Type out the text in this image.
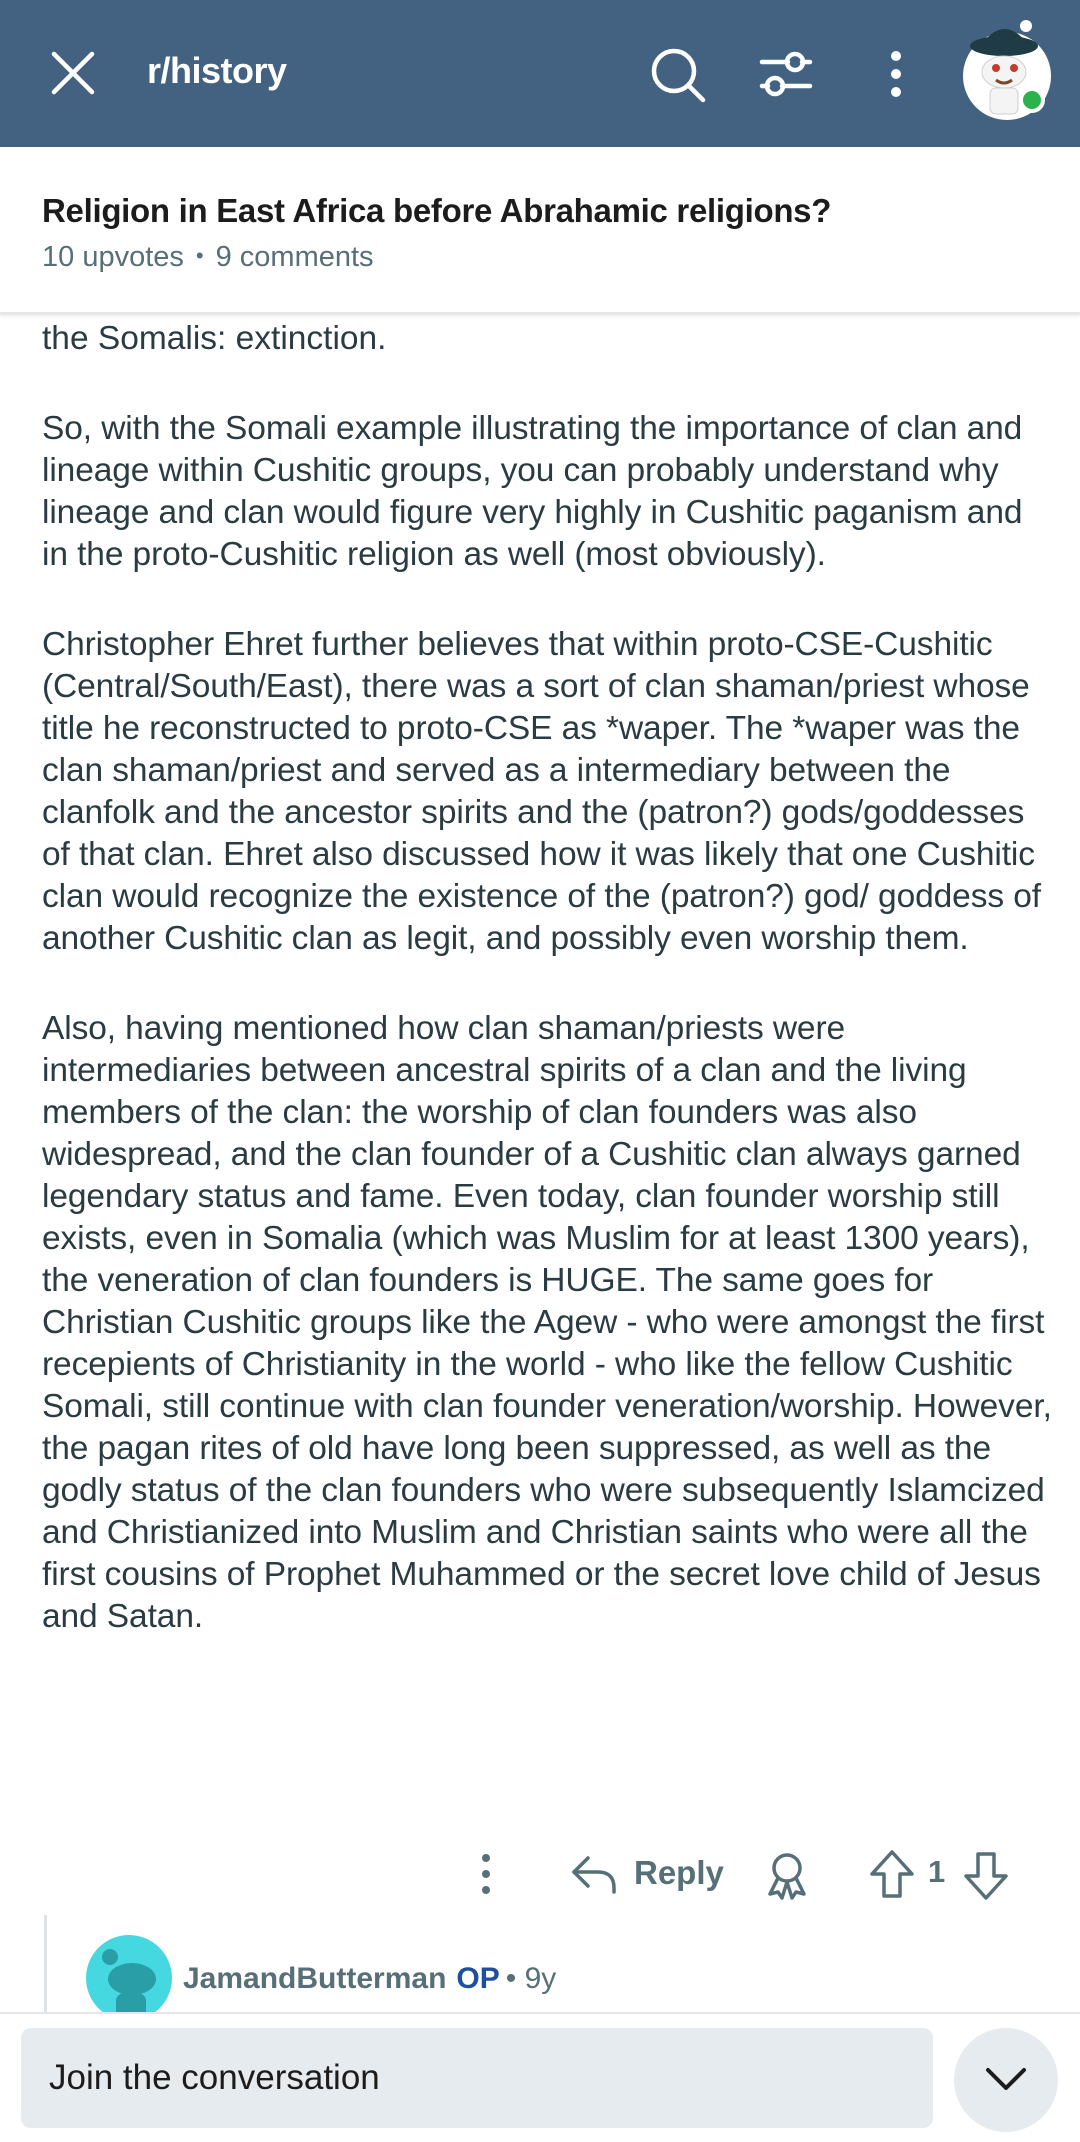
r/history
Religion in East Africa before Abrahamic religions?
10 upvotes • 9 comments
the Somalis: extinction.

So, with the Somali example illustrating the importance of clan and lineage within Cushitic groups, you can probably understand why lineage and clan would figure very highly in Cushitic paganism and in the proto-Cushitic religion as well (most obviously).

Christopher Ehret further believes that within proto-CSE-Cushitic (Central/South/East), there was a sort of clan shaman/priest whose title he reconstructed to proto-CSE as *waper. The *waper was the clan shaman/priest and served as a intermediary between the clanfolk and the ancestor spirits and the (patron?) gods/goddesses of that clan. Ehret also discussed how it was likely that one Cushitic clan would recognize the existence of the (patron?) god/ goddess of another Cushitic clan as legit, and possibly even worship them.

Also, having mentioned how clan shaman/priests were intermediaries between ancestral spirits of a clan and the living members of the clan: the worship of clan founders was also widespread, and the clan founder of a Cushitic clan always garned legendary status and fame. Even today, clan founder worship still exists, even in Somalia (which was Muslim for at least 1300 years), the veneration of clan founders is HUGE. The same goes for Christian Cushitic groups like the Agew - who were amongst the first recepients of Christianity in the world - who like the fellow Cushitic Somali, still continue with clan founder veneration/worship. However, the pagan rites of old have long been suppressed, as well as the godly status of the clan founders who were subsequently Islamcized and Christianized into Muslim and Christian saints who were all the first cousins of Prophet Muhammed or the secret love child of Jesus and Satan.

Reply	1
JamandButterman OP • 9y
Join the conversation
